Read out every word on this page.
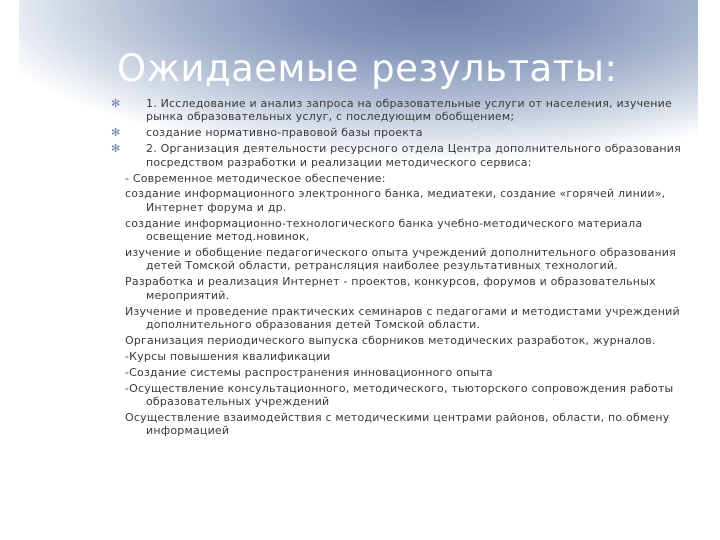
Ожидаемые результаты:

✻ 1. Исследование и анализ запроса на образовательные услуги от населения, изучение рынка образовательных услуг, с последующим обобщением;

✻ создание нормативно-правовой базы проекта

✻ 2. Организация деятельности ресурсного отдела Центра дополнительного образования посредством разработки и реализации методического сервиса:

- Современное методическое обеспечение:

создание информационного электронного банка, медиатеки, создание «горячей линии», Интернет форума и др.

создание информационно-технологического банка учебно-методического материала освещение метод.новинок,

изучение и обобщение педагогического опыта учреждений дополнительного образования детей Томской области, ретрансляция наиболее результативных технологий.

Разработка и реализация Интернет - проектов, конкурсов, форумов и образовательных мероприятий.

Изучение и проведение практических семинаров с педагогами и методистами учреждений дополнительного образования детей Томской области.

Организация периодического выпуска сборников методических разработок, журналов.

-Курсы повышения квалификации

-Создание системы распространения инновационного опыта

-Осуществление консультационного, методического, тьюторского сопровождения работы образовательных учреждений

Осуществление взаимодействия с методическими центрами районов, области, по обмену информацией
